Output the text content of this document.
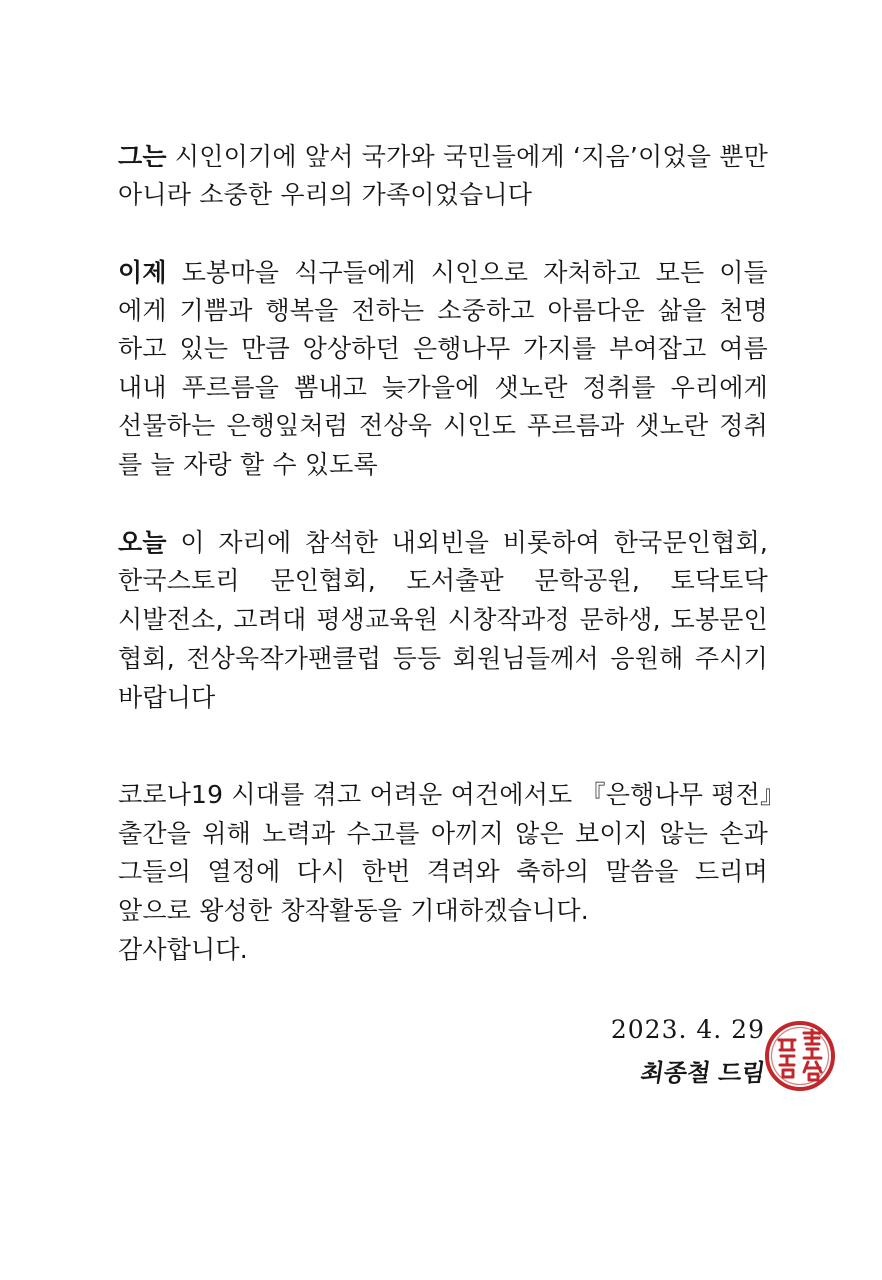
그는 시인이기에 앞서 국가와 국민들에게 ‘지음’이었을 뿐만
아니라 소중한 우리의 가족이었습니다
이제 도봉마을 식구들에게 시인으로 자처하고 모든 이들
에게 기쁨과 행복을 전하는 소중하고 아름다운 삶을 천명
하고 있는 만큼 앙상하던 은행나무 가지를 부여잡고 여름
내내 푸르름을 뽐내고 늦가을에 샛노란 정취를 우리에게
선물하는 은행잎처럼 전상욱 시인도 푸르름과 샛노란 정취
를 늘 자랑 할 수 있도록
오늘 이 자리에 참석한 내외빈을 비롯하여 한국문인협회,
한국스토리 문인협회, 도서출판 문학공원, 토닥토닥
시발전소, 고려대 평생교육원 시창작과정 문하생, 도봉문인
협회, 전상욱작가팬클럽 등등 회원님들께서 응원해 주시기
바랍니다
코로나19 시대를 겪고 어려운 여건에서도 『은행나무 평전』
출간을 위해 노력과 수고를 아끼지 않은 보이지 않는 손과
그들의 열정에 다시 한번 격려와 축하의 말씀을 드리며
앞으로 왕성한 창작활동을 기대하겠습니다.
감사합니다.
2023. 4. 29
최종철 드림
